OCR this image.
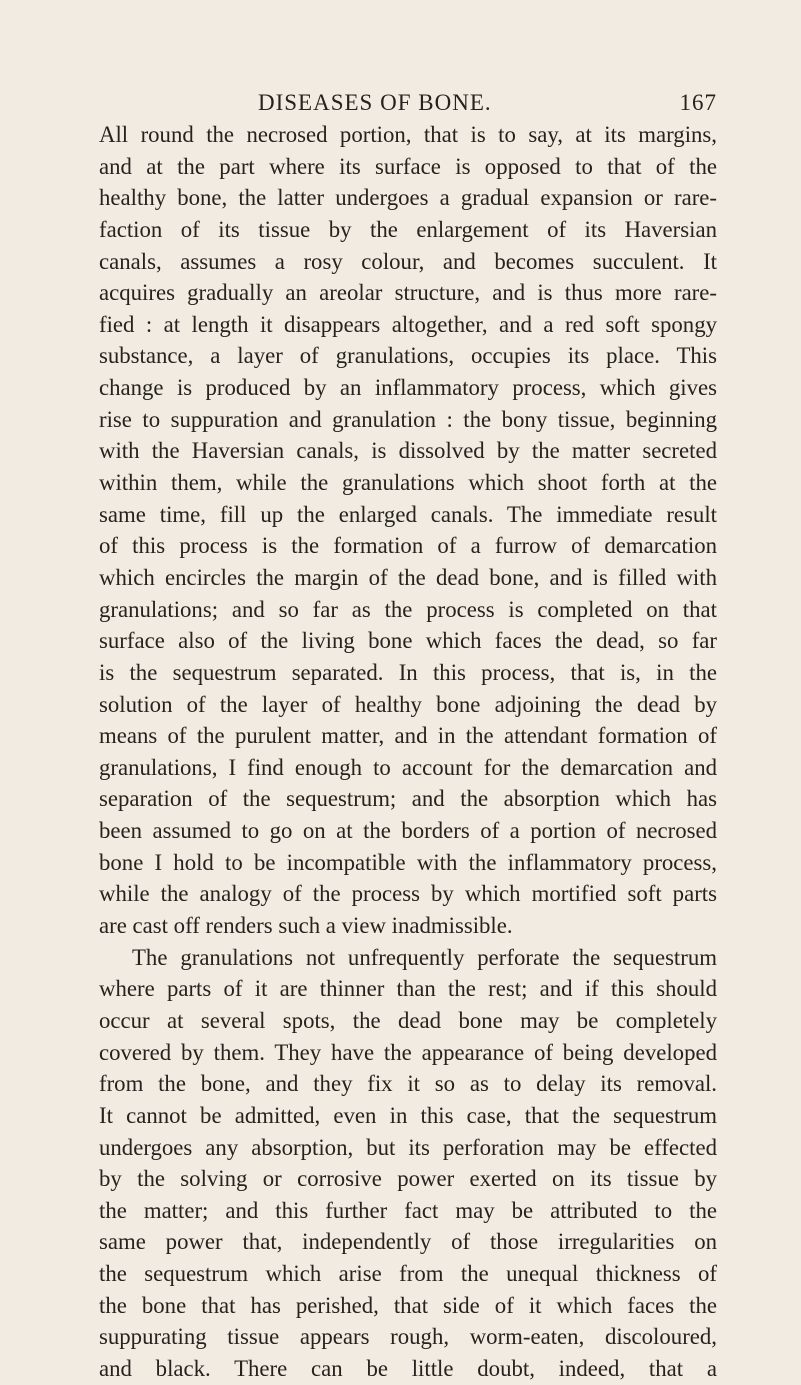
DISEASES OF BONE.	167
All round the necrosed portion, that is to say, at its margins,
and at the part where its surface is opposed to that of the
healthy bone, the latter undergoes a gradual expansion or rare-
faction of its tissue by the enlargement of its Haversian
canals, assumes a rosy colour, and becomes succulent. It
acquires gradually an areolar structure, and is thus more rare-
fied : at length it disappears altogether, and a red soft spongy
substance, a layer of granulations, occupies its place. This
change is produced by an inflammatory process, which gives
rise to suppuration and granulation : the bony tissue, beginning
with the Haversian canals, is dissolved by the matter secreted
within them, while the granulations which shoot forth at the
same time, fill up the enlarged canals. The immediate result
of this process is the formation of a furrow of demarcation
which encircles the margin of the dead bone, and is filled with
granulations; and so far as the process is completed on that
surface also of the living bone which faces the dead, so far
is the sequestrum separated. In this process, that is, in the
solution of the layer of healthy bone adjoining the dead by
means of the purulent matter, and in the attendant formation of
granulations, I find enough to account for the demarcation and
separation of the sequestrum; and the absorption which has
been assumed to go on at the borders of a portion of necrosed
bone I hold to be incompatible with the inflammatory process,
while the analogy of the process by which mortified soft parts
are cast off renders such a view inadmissible.
The granulations not unfrequently perforate the sequestrum
where parts of it are thinner than the rest; and if this should
occur at several spots, the dead bone may be completely
covered by them. They have the appearance of being developed
from the bone, and they fix it so as to delay its removal.
It cannot be admitted, even in this case, that the sequestrum
undergoes any absorption, but its perforation may be effected
by the solving or corrosive power exerted on its tissue by
the matter; and this further fact may be attributed to the
same power that, independently of those irregularities on
the sequestrum which arise from the unequal thickness of
the bone that has perished, that side of it which faces the
suppurating tissue appears rough, worm-eaten, discoloured,
and black. There can be little doubt, indeed, that a
